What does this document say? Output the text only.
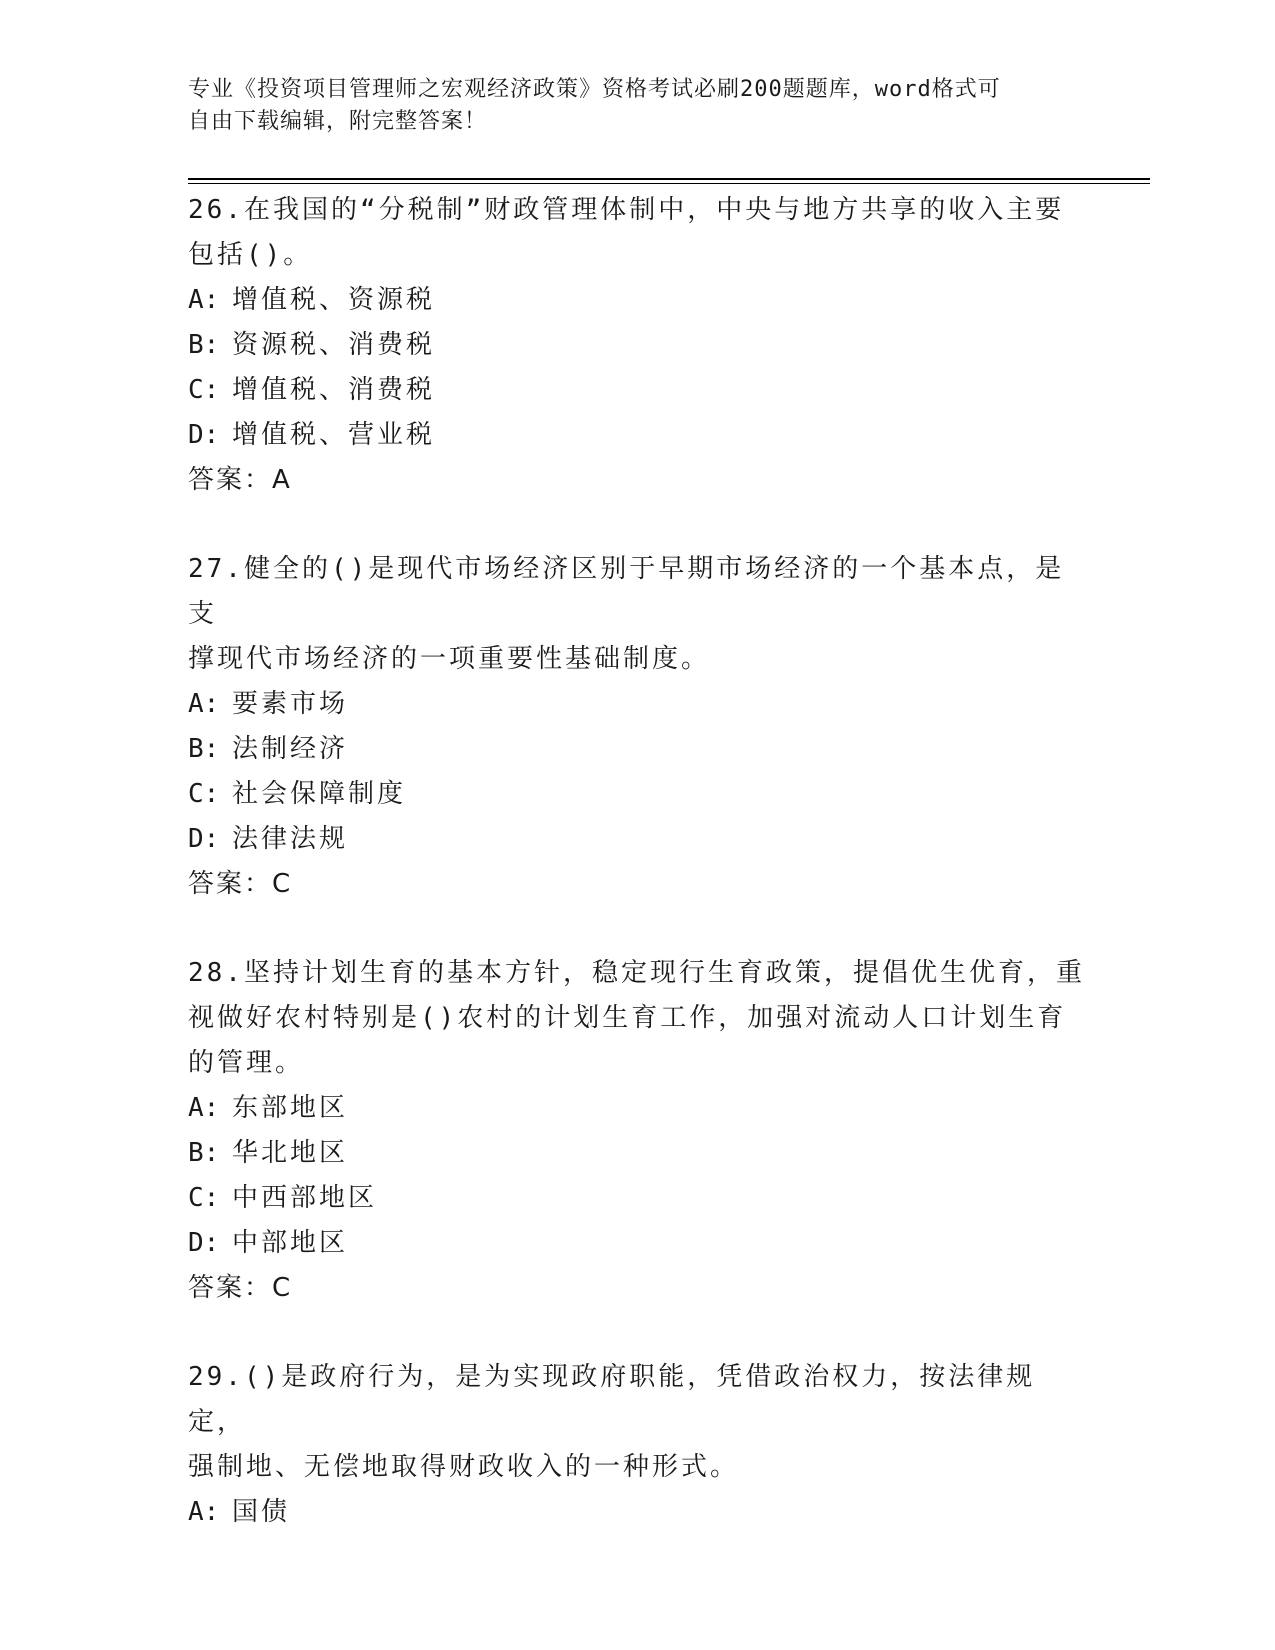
专业《投资项目管理师之宏观经济政策》资格考试必刷200题题库，word格式可
自由下载编辑，附完整答案！

26.在我国的“分税制”财政管理体制中，中央与地方共享的收入主要

包括()。

A: 增值税、资源税

B: 资源税、消费税

C: 增值税、消费税

D: 增值税、营业税

答案：A

27.健全的()是现代市场经济区别于早期市场经济的一个基本点，是支

撑现代市场经济的一项重要性基础制度。

A: 要素市场

B: 法制经济

C: 社会保障制度

D: 法律法规

答案：C

28.坚持计划生育的基本方针，稳定现行生育政策，提倡优生优育，重

视做好农村特别是()农村的计划生育工作，加强对流动人口计划生育

的管理。

A: 东部地区

B: 华北地区

C: 中西部地区

D: 中部地区

答案：C

29.()是政府行为，是为实现政府职能，凭借政治权力，按法律规定，

强制地、无偿地取得财政收入的一种形式。

A: 国债
